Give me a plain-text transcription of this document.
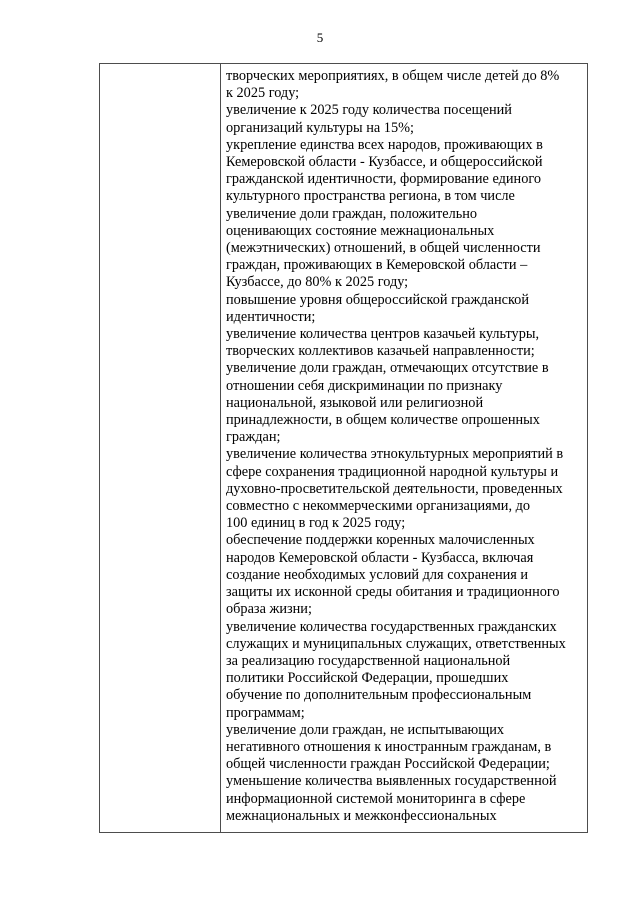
5
творческих мероприятиях, в общем числе детей до 8%
к 2025 году;
увеличение к 2025 году количества посещений
организаций культуры на 15%;
укрепление единства всех народов, проживающих в
Кемеровской области - Кузбассе, и общероссийской
гражданской идентичности, формирование единого
культурного пространства региона, в том числе
увеличение доли граждан, положительно
оценивающих состояние межнациональных
(межэтнических) отношений, в общей численности
граждан, проживающих в Кемеровской области –
Кузбассе, до 80% к 2025 году;
повышение уровня общероссийской гражданской
идентичности;
увеличение количества центров казачьей культуры,
творческих коллективов казачьей направленности;
увеличение доли граждан, отмечающих отсутствие в
отношении себя дискриминации по признаку
национальной, языковой или религиозной
принадлежности, в общем количестве опрошенных
граждан;
увеличение количества этнокультурных мероприятий в
сфере сохранения традиционной народной культуры и
духовно-просветительской деятельности, проведенных
совместно с некоммерческими организациями, до
100 единиц в год к 2025 году;
обеспечение поддержки коренных малочисленных
народов Кемеровской области - Кузбасса, включая
создание необходимых условий для сохранения и
защиты их исконной среды обитания и традиционного
образа жизни;
увеличение количества государственных гражданских
служащих и муниципальных служащих, ответственных
за реализацию государственной национальной
политики Российской Федерации, прошедших
обучение по дополнительным профессиональным
программам;
увеличение доли граждан, не испытывающих
негативного отношения к иностранным гражданам, в
общей численности граждан Российской Федерации;
уменьшение количества выявленных государственной
информационной системой мониторинга в сфере
межнациональных и межконфессиональных
